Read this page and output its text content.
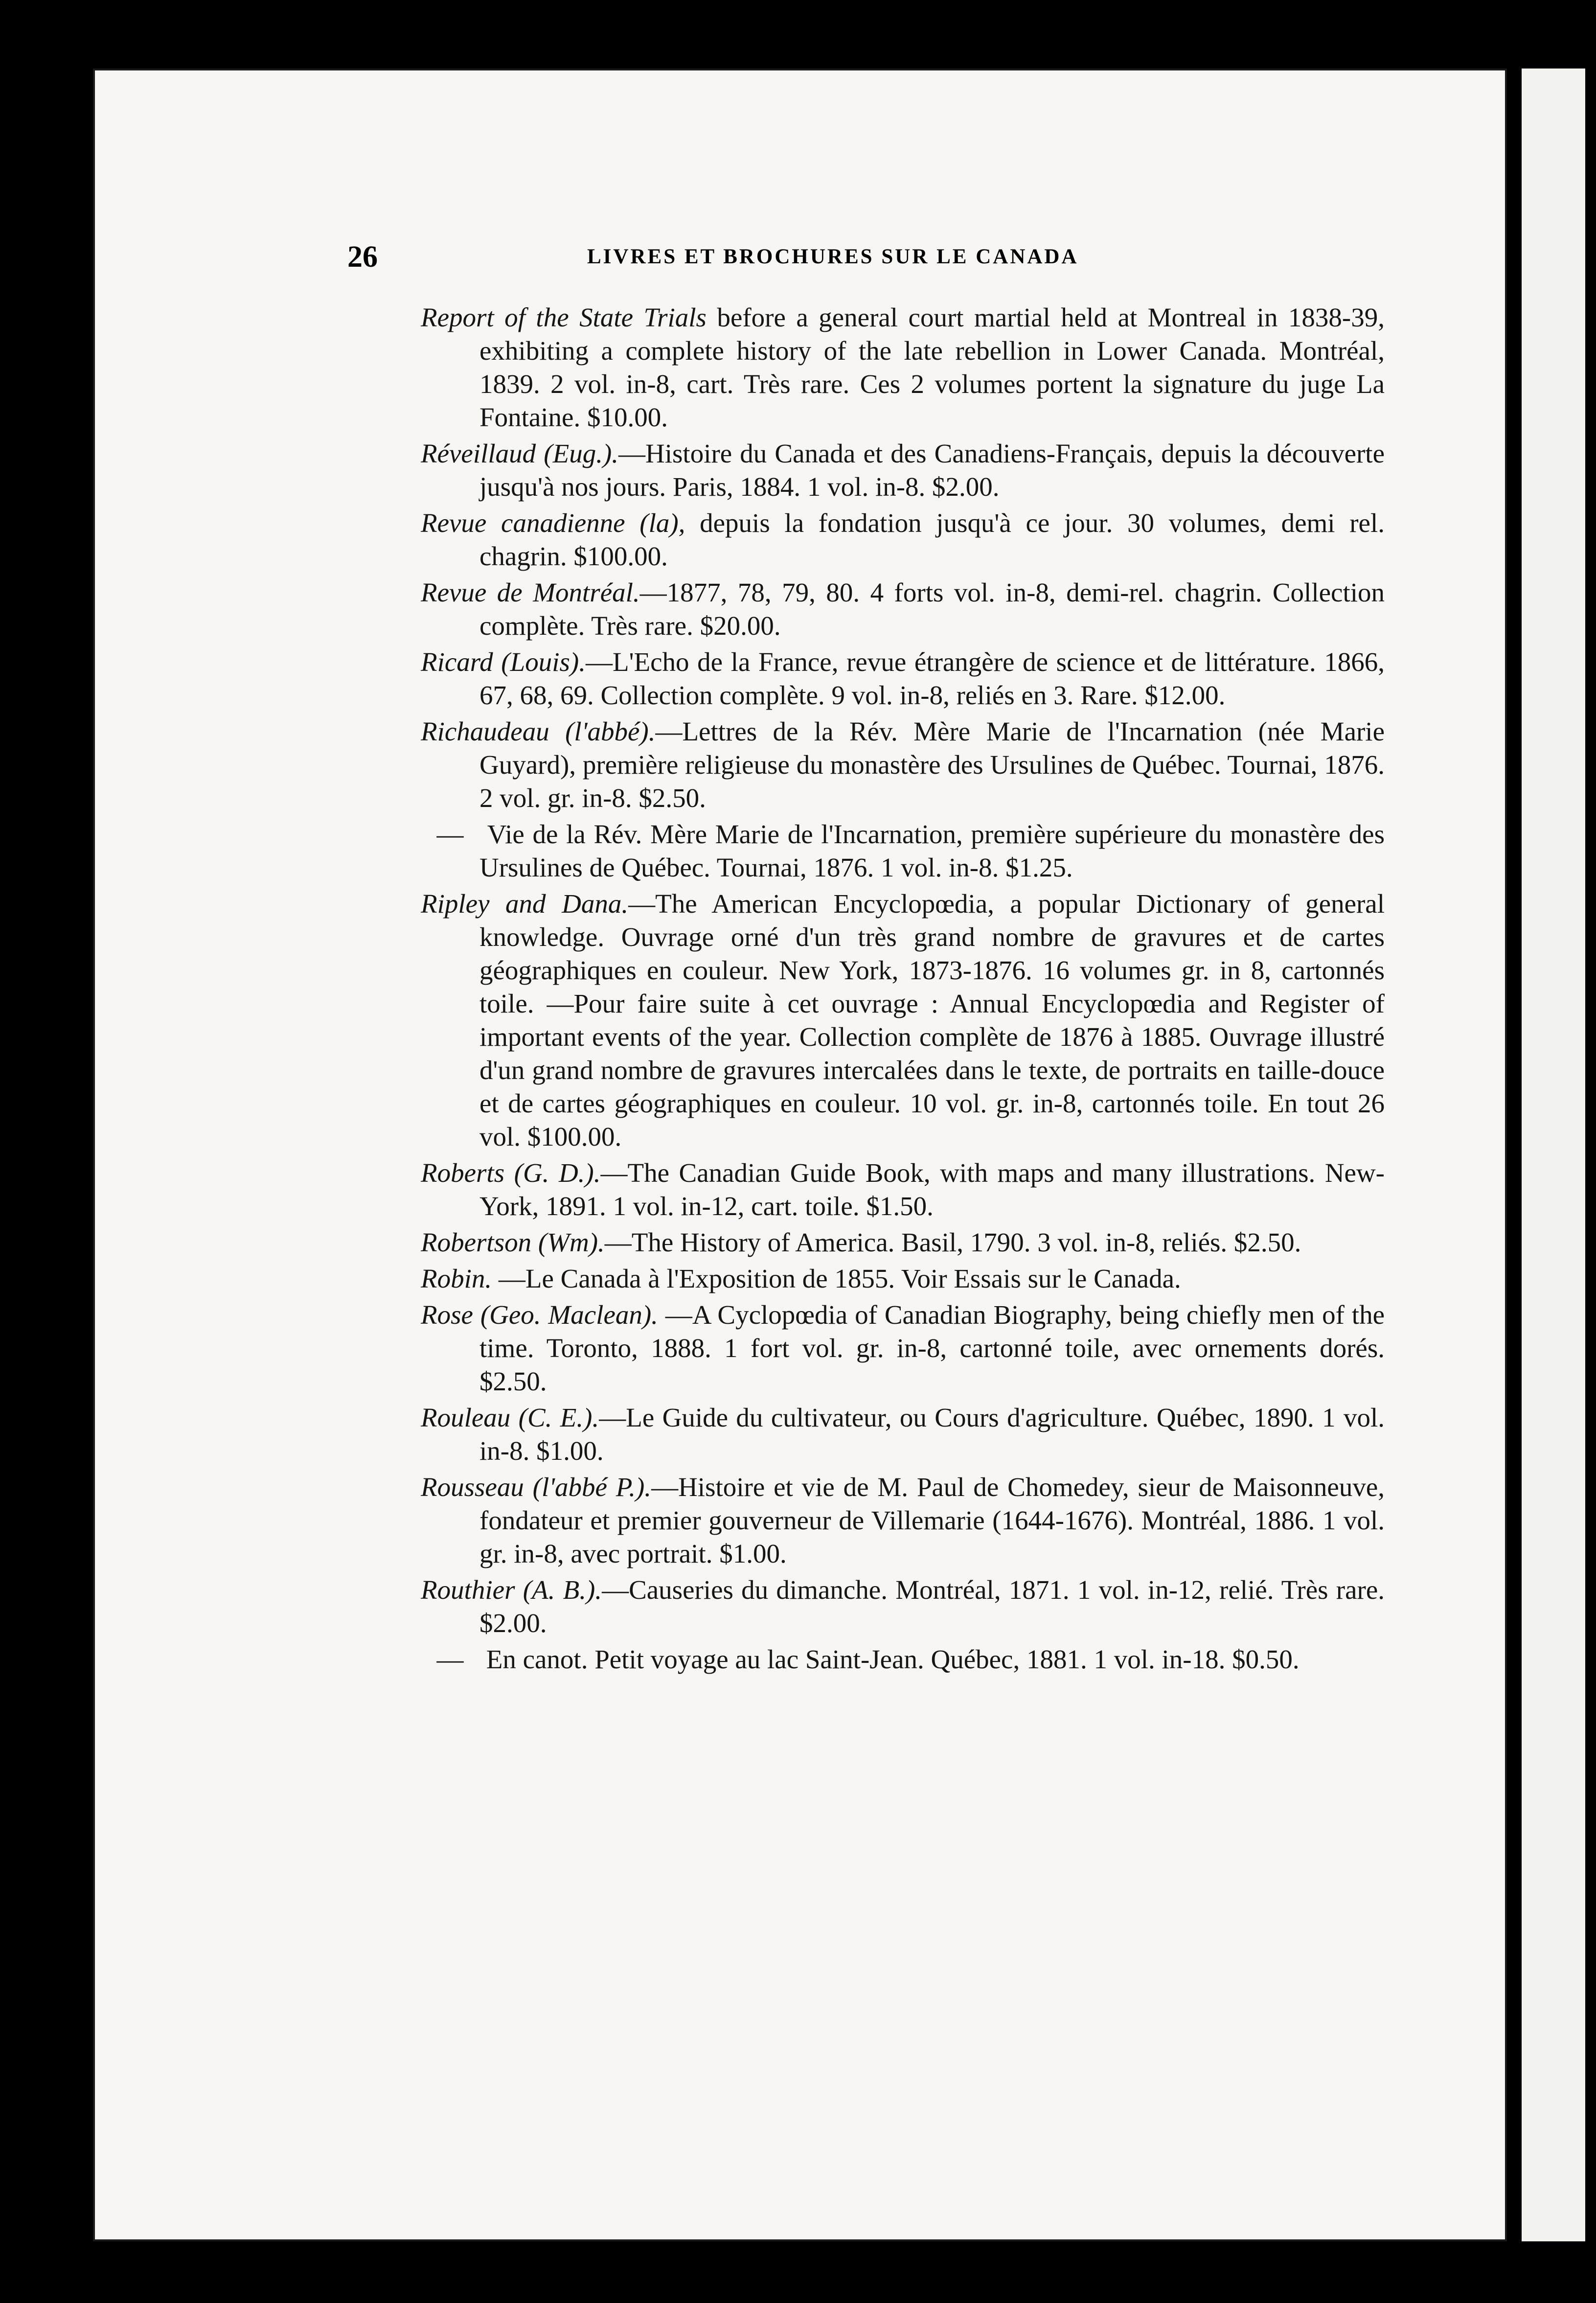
26	LIVRES ET BROCHURES SUR LE CANADA

Report of the State Trials before a general court martial held at Montreal in 1838-39, exhibiting a complete history of the late rebellion in Lower Canada. Montréal, 1839. 2 vol. in-8, cart. Très rare. Ces 2 volumes portent la signature du juge La Fontaine. $10.00.

Réveillaud (Eug.).—Histoire du Canada et des Canadiens-Français, depuis la découverte jusqu'à nos jours. Paris, 1884. 1 vol. in-8. $2.00.

Revue canadienne (la), depuis la fondation jusqu'à ce jour. 30 volumes, demi rel. chagrin. $100.00.

Revue de Montréal.—1877, 78, 79, 80. 4 forts vol. in-8, demi-rel. chagrin. Collection complète. Très rare. $20.00.

Ricard (Louis).—L'Echo de la France, revue étrangère de science et de littérature. 1866, 67, 68, 69. Collection complète. 9 vol. in-8, reliés en 3. Rare. $12.00.

Richaudeau (l'abbé).—Lettres de la Rév. Mère Marie de l'Incarnation (née Marie Guyard), première religieuse du monastère des Ursulines de Québec. Tournai, 1876. 2 vol. gr. in-8. $2.50.

— Vie de la Rév. Mère Marie de l'Incarnation, première supérieure du monastère des Ursulines de Québec. Tournai, 1876. 1 vol. in-8. $1.25.

Ripley and Dana.—The American Encyclopœdia, a popular Dictionary of general knowledge. Ouvrage orné d'un très grand nombre de gravures et de cartes géographiques en couleur. New York, 1873-1876. 16 volumes gr. in 8, cartonnés toile. —Pour faire suite à cet ouvrage : Annual Encyclopœdia and Register of important events of the year. Collection complète de 1876 à 1885. Ouvrage illustré d'un grand nombre de gravures intercalées dans le texte, de portraits en taille-douce et de cartes géographiques en couleur. 10 vol. gr. in-8, cartonnés toile. En tout 26 vol. $100.00.

Roberts (G. D.).—The Canadian Guide Book, with maps and many illustrations. New-York, 1891. 1 vol. in-12, cart. toile. $1.50.

Robertson (Wm).—The History of America. Basil, 1790. 3 vol. in-8, reliés. $2.50.

Robin. —Le Canada à l'Exposition de 1855. Voir Essais sur le Canada.

Rose (Geo. Maclean). —A Cyclopœdia of Canadian Biography, being chiefly men of the time. Toronto, 1888. 1 fort vol. gr. in-8, cartonné toile, avec ornements dorés. $2.50.

Rouleau (C. E.).—Le Guide du cultivateur, ou Cours d'agriculture. Québec, 1890. 1 vol. in-8. $1.00.

Rousseau (l'abbé P.).—Histoire et vie de M. Paul de Chomedey, sieur de Maisonneuve, fondateur et premier gouverneur de Villemarie (1644-1676). Montréal, 1886. 1 vol. gr. in-8, avec portrait. $1.00.

Routhier (A. B.).—Causeries du dimanche. Montréal, 1871. 1 vol. in-12, relié. Très rare. $2.00.

— En canot. Petit voyage au lac Saint-Jean. Québec, 1881. 1 vol. in-18. $0.50.
